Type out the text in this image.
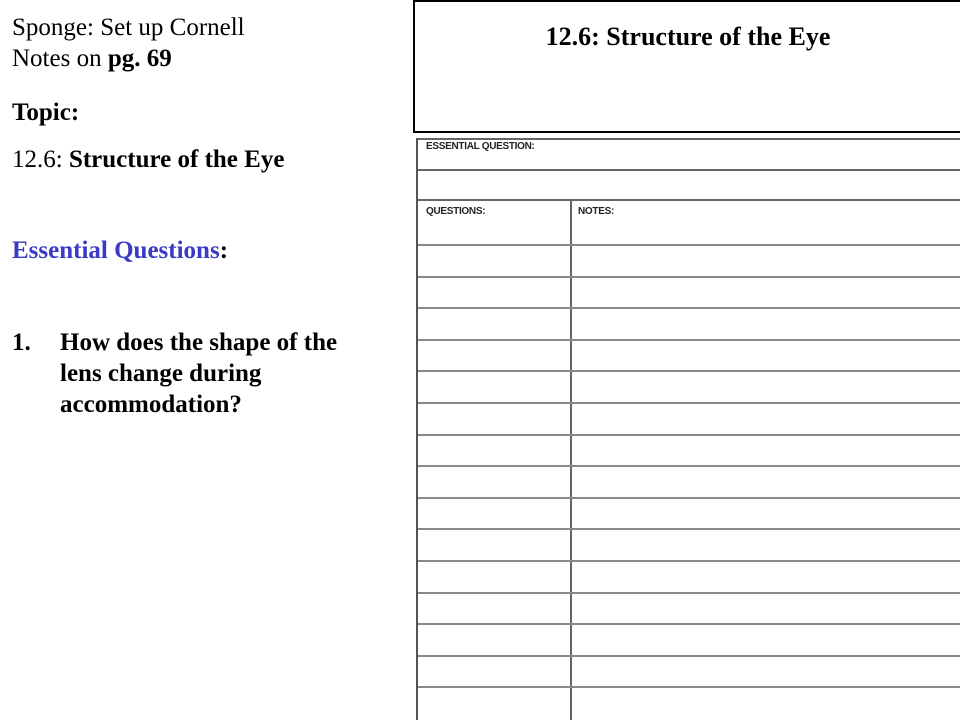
Sponge: Set up Cornell

Notes on pg. 69

Topic:

12.6: Structure of the Eye

Essential Questions:

1. How does the shape of the lens change during accommodation?
12.6: Structure of the Eye
ESSENTIAL QUESTION:
QUESTIONS:	NOTES:
